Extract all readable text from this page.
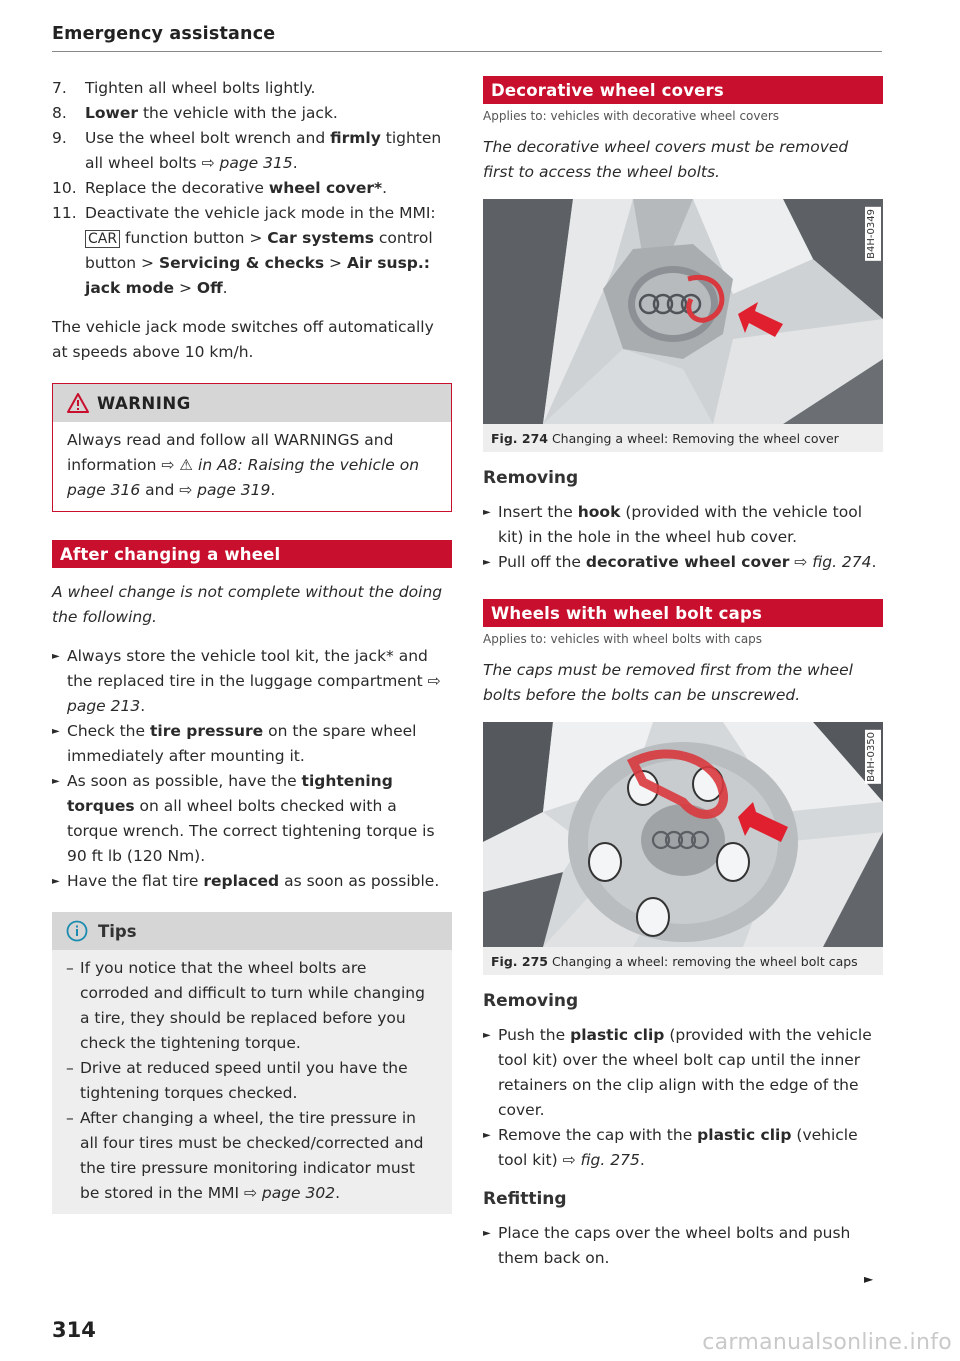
Emergency assistance
7. Tighten all wheel bolts lightly.
8. Lower the vehicle with the jack.
9. Use the wheel bolt wrench and firmly tighten all wheel bolts ⇨ page 315.
10. Replace the decorative wheel cover*.
11. Deactivate the vehicle jack mode in the MMI: CAR function button > Car systems control button > Servicing & checks > Air susp.: jack mode > Off.

The vehicle jack mode switches off automatically at speeds above 10 km/h.

WARNING

Always read and follow all WARNINGS and information ⇨ ⚠ in A8: Raising the vehicle on page 316 and ⇨ page 319.

After changing a wheel

A wheel change is not complete without the doing the following.

► Always store the vehicle tool kit, the jack* and the replaced tire in the luggage compartment ⇨ page 213.
► Check the tire pressure on the spare wheel immediately after mounting it.
► As soon as possible, have the tightening torques on all wheel bolts checked with a torque wrench. The correct tightening torque is 90 ft lb (120 Nm).
► Have the flat tire replaced as soon as possible.
Tips
– If you notice that the wheel bolts are corroded and difficult to turn while changing a tire, they should be replaced before you check the tightening torque.
– Drive at reduced speed until you have the tightening torques checked.
– After changing a wheel, the tire pressure in all four tires must be checked/corrected and the tire pressure monitoring indicator must be stored in the MMI ⇨ page 302.
Decorative wheel covers
Applies to: vehicles with decorative wheel covers

The decorative wheel covers must be removed first to access the wheel bolts.

B4H-0349
Fig. 274 Changing a wheel: Removing the wheel cover
Removing
► Insert the hook (provided with the vehicle tool kit) in the hole in the wheel hub cover.
► Pull off the decorative wheel cover ⇨ fig. 274.
Wheels with wheel bolt caps
Applies to: vehicles with wheel bolts with caps

The caps must be removed first from the wheel bolts before the bolts can be unscrewed.

B4H-0350
Fig. 275 Changing a wheel: removing the wheel bolt caps
Removing
► Push the plastic clip (provided with the vehicle tool kit) over the wheel bolt cap until the inner retainers on the clip align with the edge of the cover.
► Remove the cap with the plastic clip (vehicle tool kit) ⇨ fig. 275.
Refitting
► Place the caps over the wheel bolts and push them back on.
►
314	carmanualsonline.info
